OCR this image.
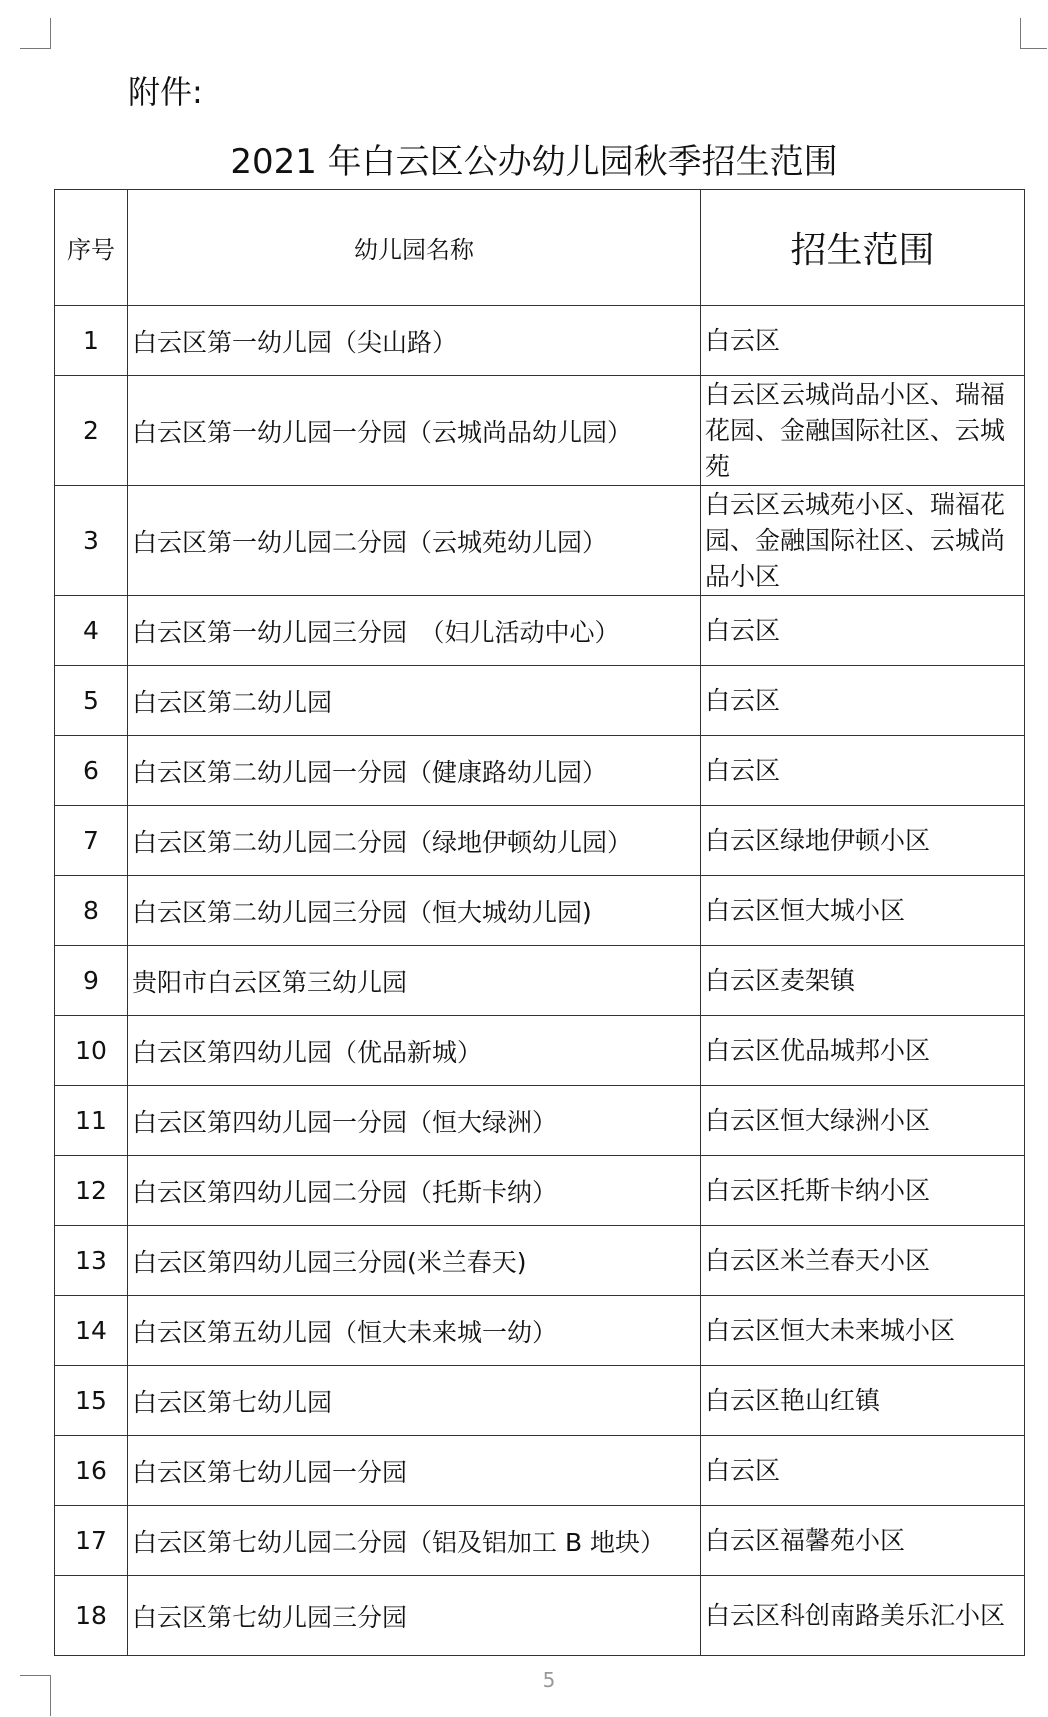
附件:

2021 年白云区公办幼儿园秋季招生范围
序号	幼儿园名称	招生范围
1	白云区第一幼儿园（尖山路）	白云区
2	白云区第一幼儿园一分园（云城尚品幼儿园）	白云区云城尚品小区、瑞福花园、金融国际社区、云城苑
3	白云区第一幼儿园二分园（云城苑幼儿园）	白云区云城苑小区、瑞福花园、金融国际社区、云城尚品小区
4	白云区第一幼儿园三分园　（妇儿活动中心）	白云区
5	白云区第二幼儿园	白云区
6	白云区第二幼儿园一分园（健康路幼儿园）	白云区
7	白云区第二幼儿园二分园（绿地伊顿幼儿园）	白云区绿地伊顿小区
8	白云区第二幼儿园三分园（恒大城幼儿园)	白云区恒大城小区
9	贵阳市白云区第三幼儿园	白云区麦架镇
10	白云区第四幼儿园（优品新城）	白云区优品城邦小区
11	白云区第四幼儿园一分园（恒大绿洲）	白云区恒大绿洲小区
12	白云区第四幼儿园二分园（托斯卡纳）	白云区托斯卡纳小区
13	白云区第四幼儿园三分园(米兰春天)	白云区米兰春天小区
14	白云区第五幼儿园（恒大未来城一幼）	白云区恒大未来城小区
15	白云区第七幼儿园	白云区艳山红镇
16	白云区第七幼儿园一分园	白云区
17	白云区第七幼儿园二分园（铝及铝加工 B 地块）	白云区福馨苑小区
18	白云区第七幼儿园三分园	白云区科创南路美乐汇小区

5
